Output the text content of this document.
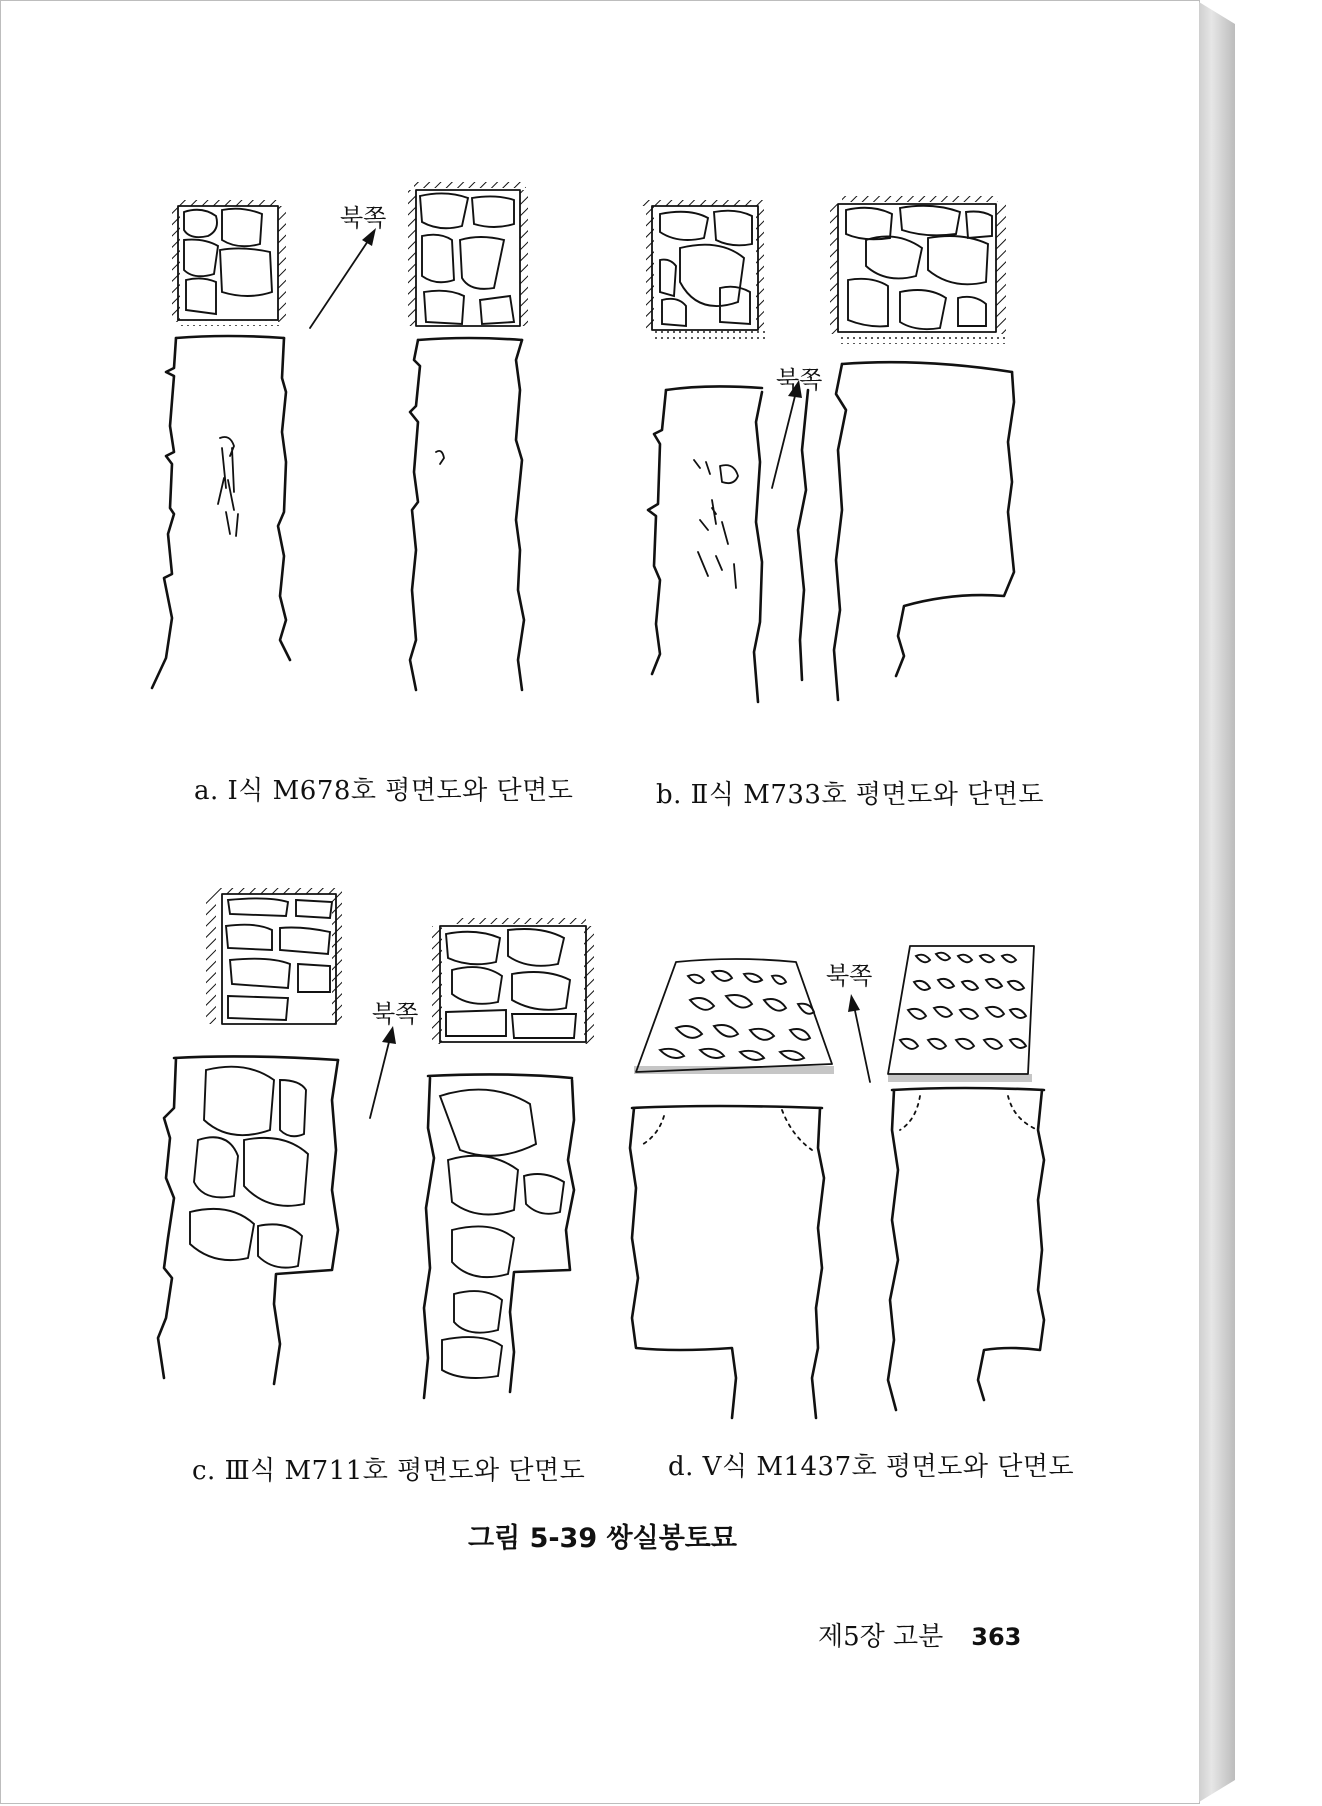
북쪽
북쪽
북쪽
북쪽
a. Ⅰ식 M678호 평면도와 단면도	b. Ⅱ식 M733호 평면도와 단면도
c. Ⅲ식 M711호 평면도와 단면도	d. Ⅴ식 M1437호 평면도와 단면도
그림 5-39 쌍실봉토묘
제5장 고분 363
